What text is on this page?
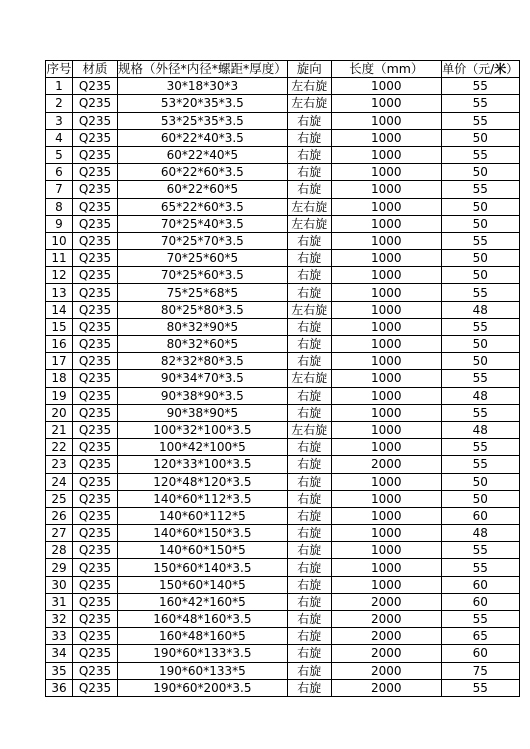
序号	材质	规格（外径*内径*螺距*厚度）	旋向	长度（mm）	单价（元/米）
1	Q235	30*18*30*3	左右旋	1000	55
2	Q235	53*20*35*3.5	左右旋	1000	55
3	Q235	53*25*35*3.5	右旋	1000	55
4	Q235	60*22*40*3.5	右旋	1000	50
5	Q235	60*22*40*5	右旋	1000	55
6	Q235	60*22*60*3.5	右旋	1000	50
7	Q235	60*22*60*5	右旋	1000	55
8	Q235	65*22*60*3.5	左右旋	1000	50
9	Q235	70*25*40*3.5	左右旋	1000	50
10	Q235	70*25*70*3.5	右旋	1000	55
11	Q235	70*25*60*5	右旋	1000	50
12	Q235	70*25*60*3.5	右旋	1000	50
13	Q235	75*25*68*5	右旋	1000	55
14	Q235	80*25*80*3.5	左右旋	1000	48
15	Q235	80*32*90*5	右旋	1000	55
16	Q235	80*32*60*5	右旋	1000	50
17	Q235	82*32*80*3.5	右旋	1000	50
18	Q235	90*34*70*3.5	左右旋	1000	55
19	Q235	90*38*90*3.5	右旋	1000	48
20	Q235	90*38*90*5	右旋	1000	55
21	Q235	100*32*100*3.5	左右旋	1000	48
22	Q235	100*42*100*5	右旋	1000	55
23	Q235	120*33*100*3.5	右旋	2000	55
24	Q235	120*48*120*3.5	右旋	1000	50
25	Q235	140*60*112*3.5	右旋	1000	50
26	Q235	140*60*112*5	右旋	1000	60
27	Q235	140*60*150*3.5	右旋	1000	48
28	Q235	140*60*150*5	右旋	1000	55
29	Q235	150*60*140*3.5	右旋	1000	55
30	Q235	150*60*140*5	右旋	1000	60
31	Q235	160*42*160*5	右旋	2000	60
32	Q235	160*48*160*3.5	右旋	2000	55
33	Q235	160*48*160*5	右旋	2000	65
34	Q235	190*60*133*3.5	右旋	2000	60
35	Q235	190*60*133*5	右旋	2000	75
36	Q235	190*60*200*3.5	右旋	2000	55
